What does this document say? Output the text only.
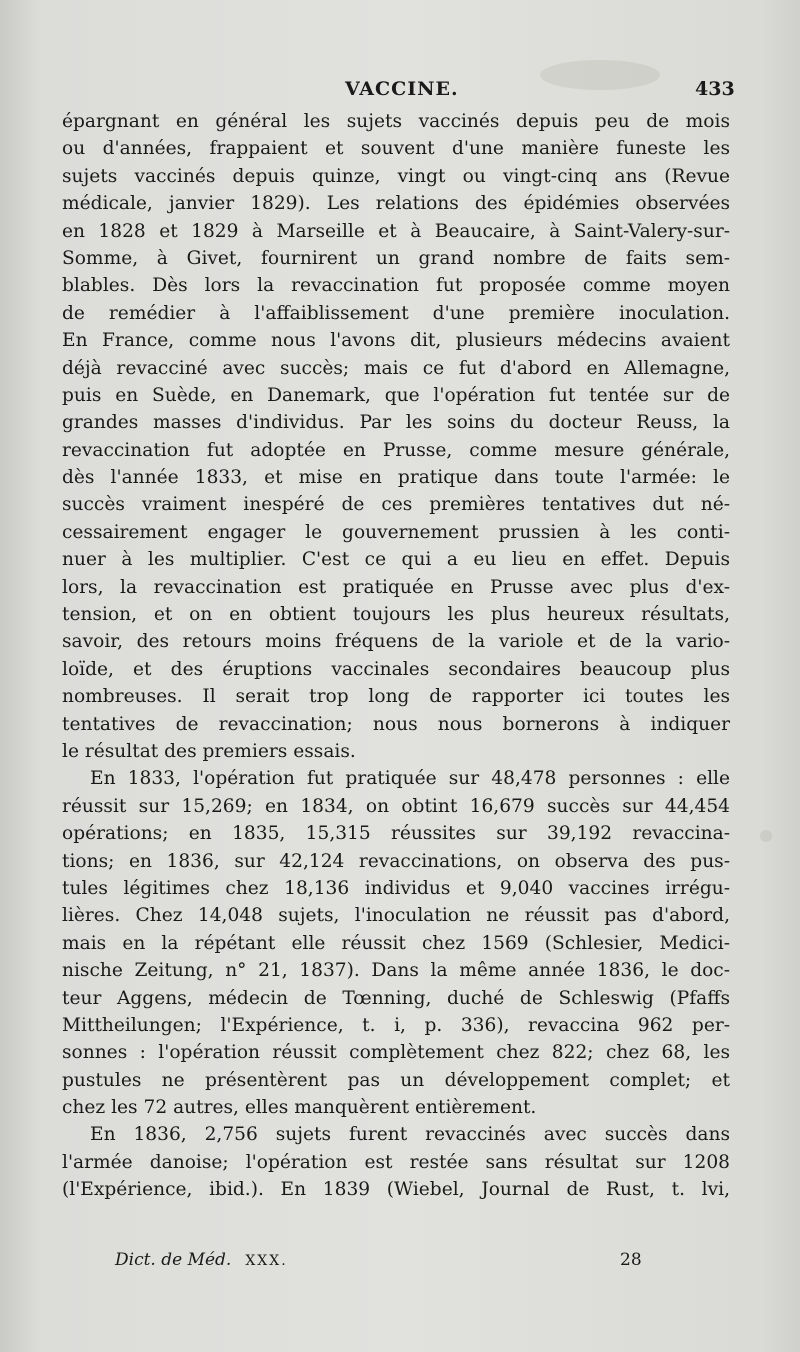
VACCINE.	433
épargnant en général les sujets vaccinés depuis peu de mois
ou d'années, frappaient et souvent d'une manière funeste les
sujets vaccinés depuis quinze, vingt ou vingt-cinq ans (Revue
médicale, janvier 1829). Les relations des épidémies observées
en 1828 et 1829 à Marseille et à Beaucaire, à Saint-Valery-sur-
Somme, à Givet, fournirent un grand nombre de faits sem-
blables. Dès lors la revaccination fut proposée comme moyen
de remédier à l'affaiblissement d'une première inoculation.
En France, comme nous l'avons dit, plusieurs médecins avaient
déjà revacciné avec succès; mais ce fut d'abord en Allemagne,
puis en Suède, en Danemark, que l'opération fut tentée sur de
grandes masses d'individus. Par les soins du docteur Reuss, la
revaccination fut adoptée en Prusse, comme mesure générale,
dès l'année 1833, et mise en pratique dans toute l'armée: le
succès vraiment inespéré de ces premières tentatives dut né-
cessairement engager le gouvernement prussien à les conti-
nuer à les multiplier. C'est ce qui a eu lieu en effet. Depuis
lors, la revaccination est pratiquée en Prusse avec plus d'ex-
tension, et on en obtient toujours les plus heureux résultats,
savoir, des retours moins fréquens de la variole et de la vario-
loïde, et des éruptions vaccinales secondaires beaucoup plus
nombreuses. Il serait trop long de rapporter ici toutes les
tentatives de revaccination; nous nous bornerons à indiquer
le résultat des premiers essais.
En 1833, l'opération fut pratiquée sur 48,478 personnes : elle
réussit sur 15,269; en 1834, on obtint 16,679 succès sur 44,454
opérations; en 1835, 15,315 réussites sur 39,192 revaccina-
tions; en 1836, sur 42,124 revaccinations, on observa des pus-
tules légitimes chez 18,136 individus et 9,040 vaccines irrégu-
lières. Chez 14,048 sujets, l'inoculation ne réussit pas d'abord,
mais en la répétant elle réussit chez 1569 (Schlesier, Medici-
nische Zeitung, n° 21, 1837). Dans la même année 1836, le doc-
teur Aggens, médecin de Tœnning, duché de Schleswig (Pfaffs
Mittheilungen; l'Expérience, t. i, p. 336), revaccina 962 per-
sonnes : l'opération réussit complètement chez 822; chez 68, les
pustules ne présentèrent pas un développement complet; et
chez les 72 autres, elles manquèrent entièrement.
En 1836, 2,756 sujets furent revaccinés avec succès dans
l'armée danoise; l'opération est restée sans résultat sur 1208
(l'Expérience, ibid.). En 1839 (Wiebel, Journal de Rust, t. lvi,
Dict. de Méd. XXX.	28
